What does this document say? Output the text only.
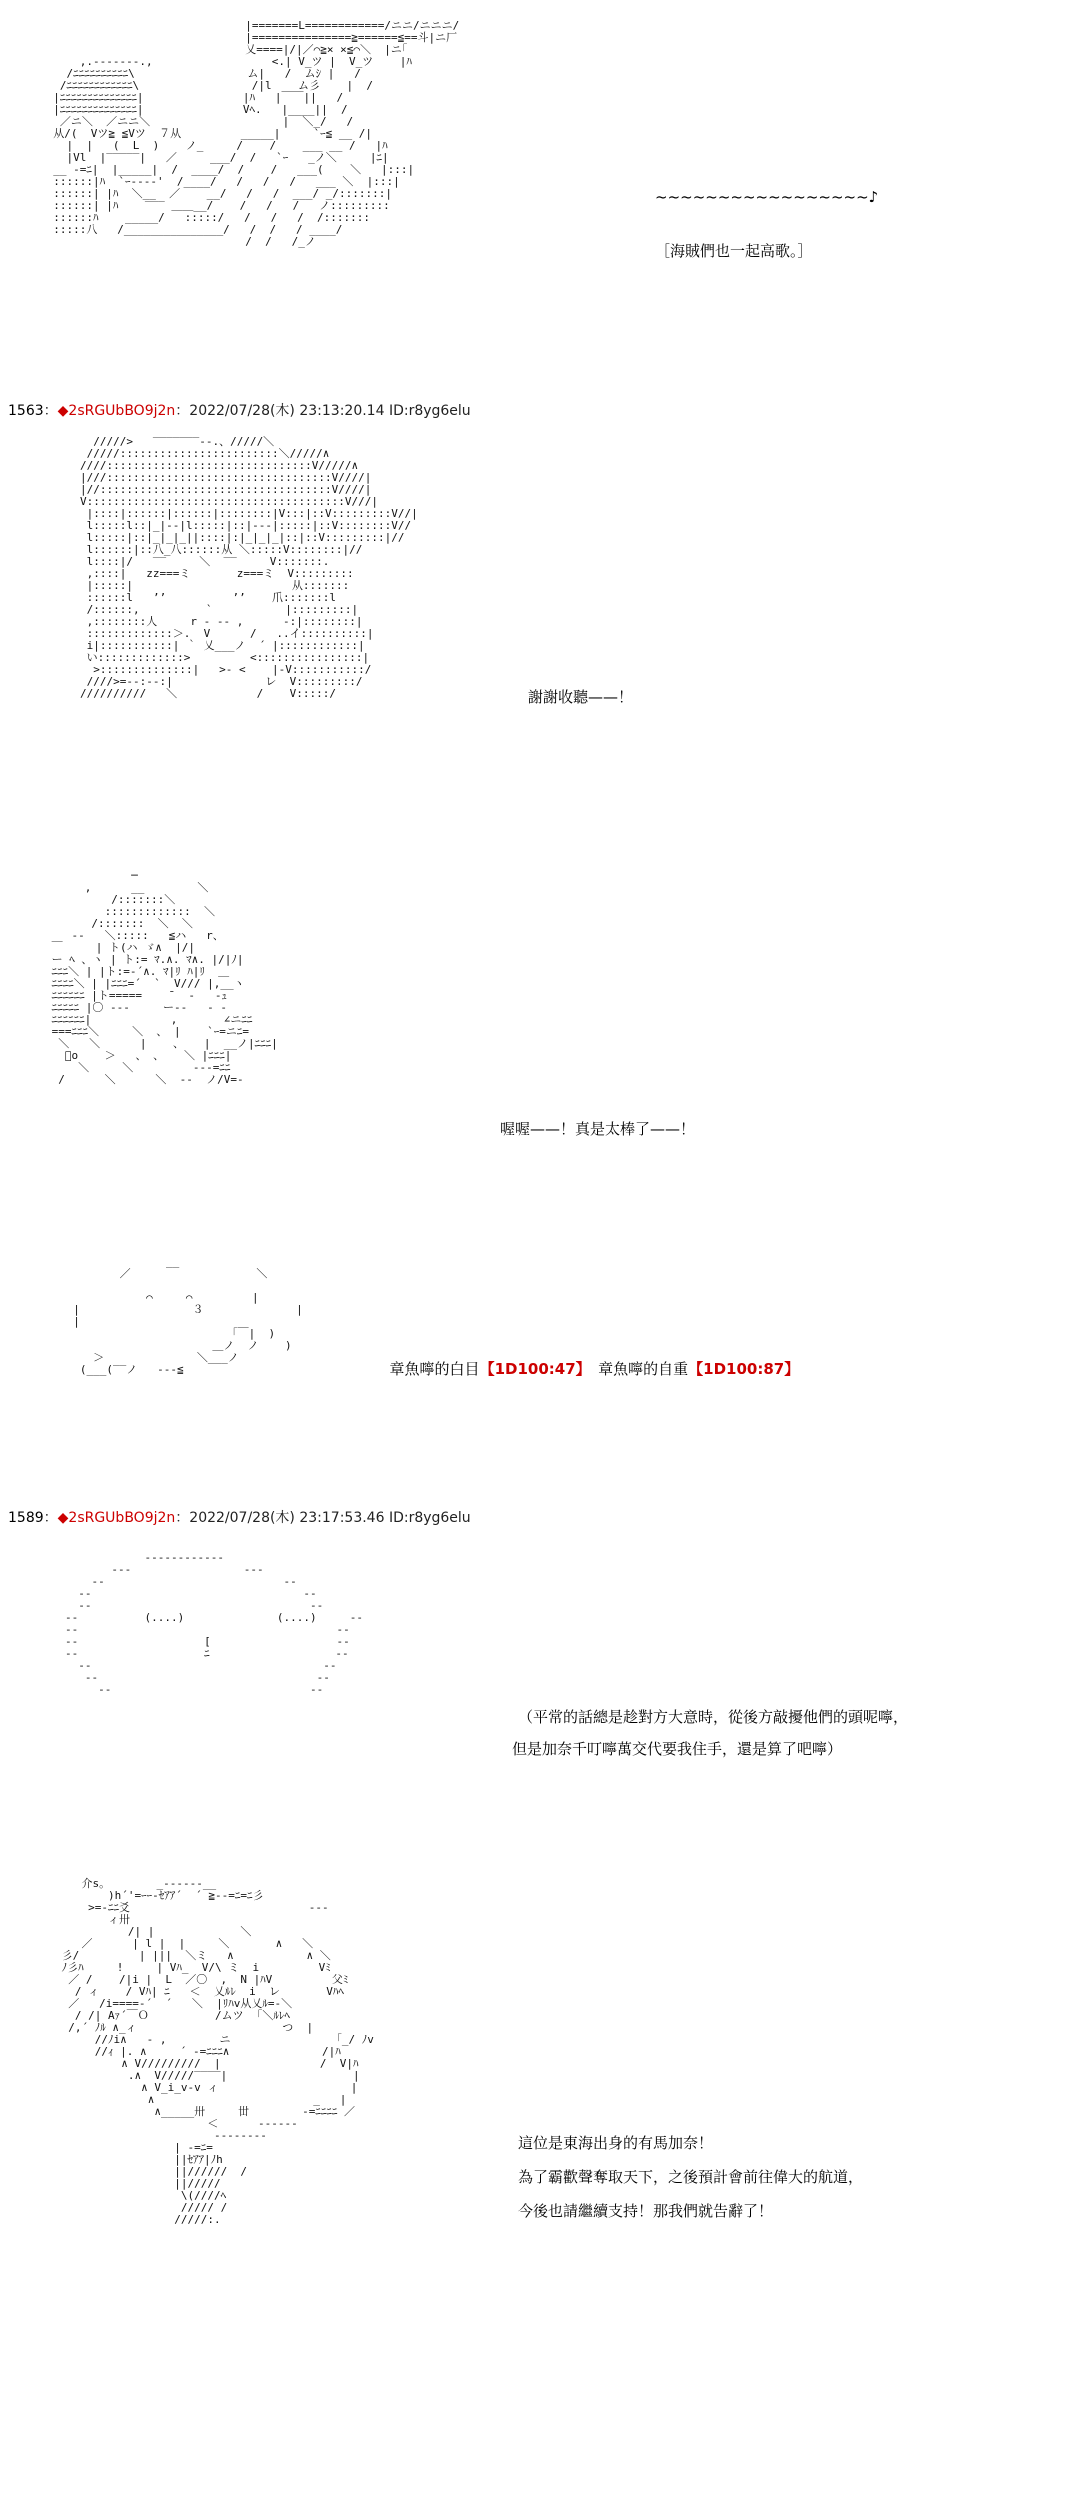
|=======L============/ニニ/ニニニ/
|===============≧======≦==斗|ニ厂
乂====|/|／⌒≧× ×≦⌒＼  |ニ｢
,.-‐‐‐‐‐-.,                  <.| V_ツ |  V_ツ    |ﾊ
/ﾆﾆﾆﾆﾆﾆﾆﾆﾆﾆ\                 ム|   /  ムｼ |   /
/ﾆﾆﾆﾆﾆﾆﾆﾆﾆﾆﾆﾆ\                 /|l    ム彡    |  /
|ﾆﾆﾆﾆﾆﾆﾆﾆﾆﾆﾆﾆﾆﾆ|               |ﾊ   |￣￣||   /
|ﾆﾆﾆﾆﾆﾆﾆﾆﾆﾆﾆﾆﾆﾆ|               Vﾍ.   |____||  /
／ニ＼  ／ニニ＼                    |  ＼_/   /
从/(  Vツ≧ ≦Vツ  ７从         _____|     `ｰ≦ __ /|
|  |   (  L  )    ノ_     /    /    ___ __ /   |ﾊ
|Vl  |‾‾‾‾‾|   ／     ___/  /   `ｰ   _ノ＼     |ﾆ|
__ -=ﾆ|  |_____|  /  ____/  /    /   ___(    ＼   |:::|
::::::|ﾊ  `ｰ‐‐‐‐'  /____/   /   /   /   ___ ＼  |:::|
::::::| |ﾊ  ＼__  ／    __/   /   /  ___/ _/:::::::|
::::::| |ﾊ    ‾‾‾ ＿＿__/    /   /   /   ノ:::::::::
::::::ﾊ    _____/   :::::/   /   /   /  /:::::::
:::::八   /_______________/   /  /   / ____/
/  /   /_ノ
~~~~~~~~~~~~~~~~~♪
［海賊們也一起高歌。］
1563：◆2sRGUbBO9j2n：2022/07/28(木) 23:13:20.14 ID:r8yg6elu
/////>   ‾‾‾‾‾‾‾--.、/////＼
/////::::::::::::::::::::::::＼/////∧
////:::::::::::::::::::::::::::::::V/////∧
|///::::::::::::::::::::::::::::::::::V////|
|//:::::::::::::::::::::::::::::::::::V////|
V:::::::::::::::::::::::::::::::::::::::V///|
|::::|::::::|::::::|::::::::|V:::|::V:::::::::V//|
l:::::l::|_|--|l:::::|::|-‐-|:::::|::V::::::::V//
l:::::|::|_|_|_||::::|:|_|_|_|::|::V:::::::::|//
l::::::|::八_八::::::从 ＼:::::V::::::::|//
l::::|/   ‾‾     ＼  ‾‾     V:::::::.
,::::|   zz===ミ       z===ミ  V:::::::::
|:::::|                        从:::::::
::::::l   ’’          ’’    爪:::::::l
/::::::,          `           |:::::::::|
,::::::::人     r ‐ -‐ ,      ‐:|::::::::|
:::::::::::::＞.  V      /   ..イ::::::::::|
i|:::::::::::| ｀ 乂___ノ  ´ |::::::::::::|
い:::::::::::::>         <::::::::::::::::|
>::::::::::::::|   >- <    |-V:::::::::::/
////>=--:‐-:|              レ  V:::::::::/
//////////   ＼            /    V:::::/	謝謝收聽——！
─
,      __        ＼
/:::::::＼
:::::::::::::  ＼
/:::::::  ＼  ＼
-‐   ＼:::::   ≦ハ   r、
￣     | ト(ハ ゞ∧  |/|
ー ﾍ 、ヽ | ト:= ﾏ.∧. ﾏ∧. |/|ﾉ|
ﾆﾆﾆ＼ | |ト:=‐´∧. ﾏ|ﾘ ﾊ|ﾘ  ＿
ﾆﾆﾆﾆ＼ | |ﾆﾆﾆ=´  `  V/// |,__ヽ
ﾆﾆﾆﾆﾆﾆ |ト=====    ̄   ‐   ‐ｭ
ﾆﾆﾆﾆﾆ |〇 ‐‐‐     ー‐‐   ‐ ‐
ﾆﾆﾆﾆﾆﾆ|            ,       ∠ニﾆﾆ
===ﾆﾆﾆ＼     ＼  、 |    `ｰ=ニﾆ=
＼   ＼      |    、   |  __ノ|ﾆﾆﾆ|
ﾟo    ＞   、 、   ＼ |ﾆﾆﾆ|
＼     ＼         ‐-‐=ﾆﾆ
/      ＼      ＼  ‐‐  ノ/V=‐
喔喔——！真是太棒了——！
__
／                   ＼

⌒     ⌒         |
|                 ３              |
|
｢￣|  )
＿ノ  ノ    )
＞              ＼___ノ
(___(‾‾ノ   ‐‐‐≦	章魚嚀的白目【1D100:47】　章魚嚀的自重【1D100:87】

1589：◆2sRGUbBO9j2n：2022/07/28(木) 23:17:53.46 ID:r8yg6elu
‐‐‐‐‐‐‐‐‐‐‐‐
‐‐‐                 ‐‐‐
‐‐                           ‐‐
‐‐                                ‐‐
‐‐                                 ‐‐
‐‐          (....)              (....)     ‐‐
‐‐                                       ‐‐
‐‐                   [                   ‐‐
‐‐                   ﾆ                   ‐‐
‐‐                                   ‐‐
‐‐                                 ‐‐
‐‐                              ‐‐
（平常的話總是趁對方大意時，從後方敲擾他們的頭呢嚀，
但是加奈千叮嚀萬交代要我住手，還是算了吧嚀）
介s。       _‐‐‐‐‐‐__
)h´'=ｰｰ‐ｾｱｱ´  ´ ≧-‐=ﾆ=ﾆ彡
>=-ﾆﾆ爻                           ‐‐‐
ィ卅
/| |             ＼
／      | l |  |     ＼       ∧   ＼
彡/         | |||  ＼ミ   ∧           ∧ ＼
ﾉ彡ﾊ     !     | Vﾊ_  V/\ ミ  i         Vﾐ
／ /    /|i |  L  ／〇  ,  N |ﾊV         父ﾐ
/ ィ    / Vﾊ| ﾆ   ＜  乂ﾙﾚ  i  レ       Vﾊﾍ
／   /i====‐´  ´   ＼  |ﾘﾊv从乂ﾙ=-＼
/ /| Aｧ´￣Ｏ          /ムツ  ｢＼ﾙﾚﾍ
/,´ ﾉﾙ ∧_ィ                      つ  |
//ﾉi∧   ‐ ,        ニ                ｢_/ ﾉv
//ｨ |. ∧     ´ ‐=ﾆﾆﾆ∧              /|ﾊ
∧ V/////////  |               /  V|ﾊ
.∧  V/////‾‾‾‾|                   |
∧ V_i_v‐v ィ                    |
∧                        _   |
∧_____卅     丗        ‐=ﾆﾆﾆﾆ ／
＜      ‐‐‐‐‐‐
‐‐‐‐‐‐‐‐
| ‐=ﾆ=
||ｾｱｱ|ﾉh
||//////  /
||/////
\(////ﾍ
///// /
/////:.
這位是東海出身的有馬加奈！
為了霸歡聲奪取天下，之後預計會前往偉大的航道，
今後也請繼續支持！那我們就告辭了！
